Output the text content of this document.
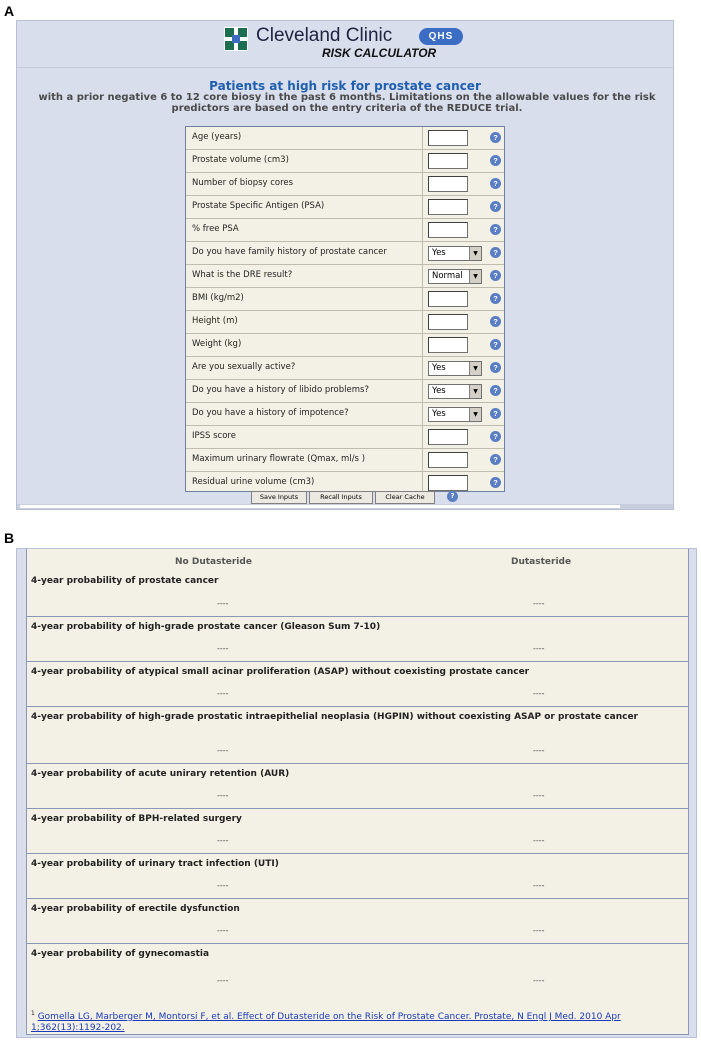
A
Cleveland Clinic	QHS
RISK CALCULATOR
Patients at high risk for prostate cancer
with a prior negative 6 to 12 core biosy in the past 6 months. Limitations on the allowable values for the risk predictors are based on the entry criteria of the REDUCE trial.
Age (years)	?
Prostate volume (cm3)	?
Number of biopsy cores	?
Prostate Specific Antigen (PSA)	?
% free PSA	?
Do you have family history of prostate cancer	Yes	▼	?
What is the DRE result?	Normal	▼	?
BMI (kg/m2)	?
Height (m)	?
Weight (kg)	?
Are you sexually active?	Yes	▼	?
Do you have a history of libido problems?	Yes	▼	?
Do you have a history of impotence?	Yes	▼	?
IPSS score	?
Maximum urinary flowrate (Qmax, ml/s )	?
Residual urine volume (cm3)	?
Save Inputs	Recall Inputs	Clear Cache	?
B
No Dutasteride	Dutasteride
$^1$ Gomella LG, Marberger M, Montorsi F, et al. Effect of Dutasteride on the Risk of Prostate Cancer. Prostate, N Engl J Med. 2010 Apr 1;362(13):1192-202.
4-year probability of prostate cancer
----	----
4-year probability of high-grade prostate cancer (Gleason Sum 7-10)
----	----
4-year probability of atypical small acinar proliferation (ASAP) without coexisting prostate cancer
----	----
4-year probability of high-grade prostatic intraepithelial neoplasia (HGPIN) without coexisting ASAP or prostate cancer
----	----
4-year probability of acute unirary retention (AUR)
----	----
4-year probability of BPH-related surgery
----	----
4-year probability of urinary tract infection (UTI)
----	----
4-year probability of erectile dysfunction
----	----
4-year probability of gynecomastia
----	----
